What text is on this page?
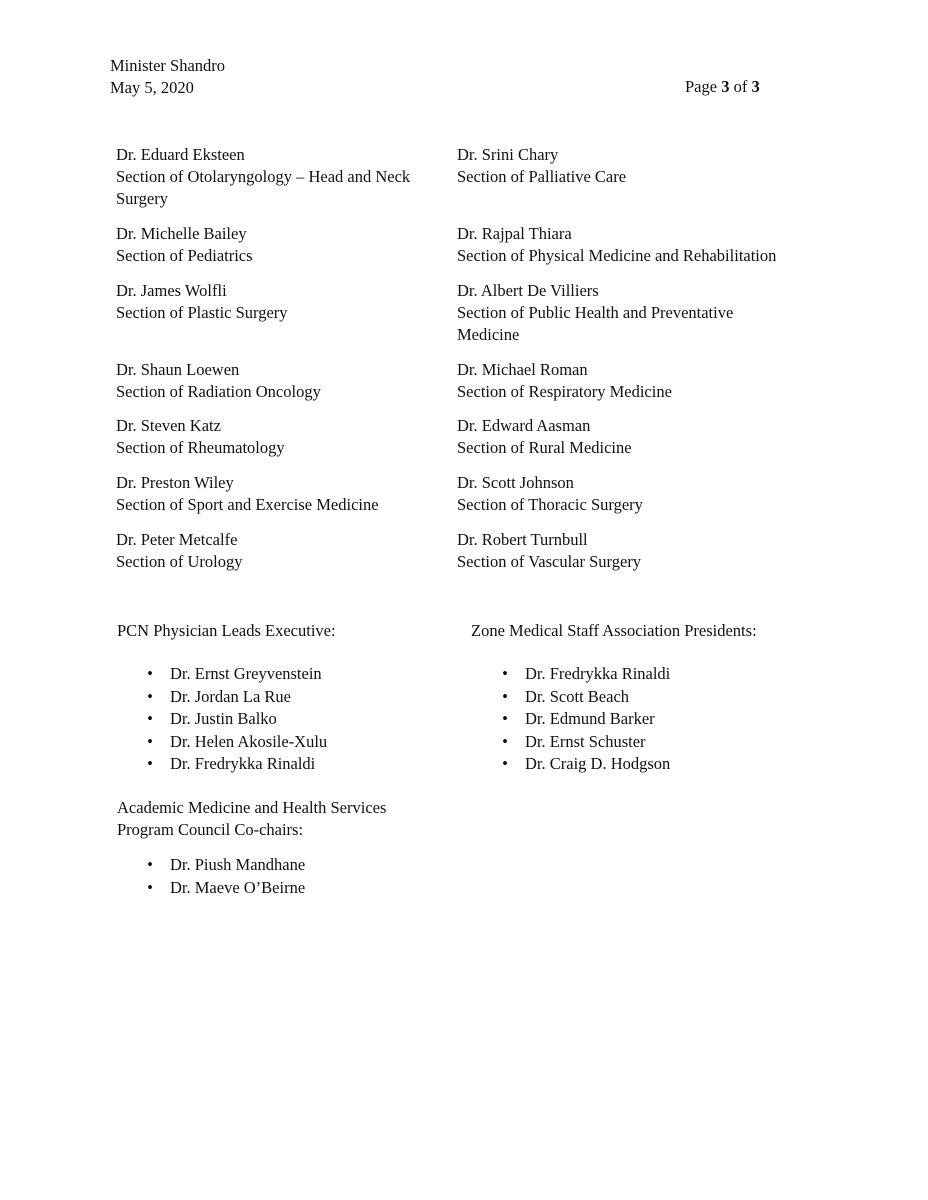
Minister Shandro
May 5, 2020	Page 3 of 3
Dr. Eduard Eksteen
Section of Otolaryngology – Head and Neck Surgery
Dr. Michelle Bailey
Section of Pediatrics
Dr. James Wolfli
Section of Plastic Surgery
Dr. Shaun Loewen
Section of Radiation Oncology
Dr. Steven Katz
Section of Rheumatology
Dr. Preston Wiley
Section of Sport and Exercise Medicine
Dr. Peter Metcalfe
Section of Urology
Dr. Srini Chary
Section of Palliative Care
Dr. Rajpal Thiara
Section of Physical Medicine and Rehabilitation
Dr. Albert De Villiers
Section of Public Health and Preventative Medicine
Dr. Michael Roman
Section of Respiratory Medicine
Dr. Edward Aasman
Section of Rural Medicine
Dr. Scott Johnson
Section of Thoracic Surgery
Dr. Robert Turnbull
Section of Vascular Surgery
PCN Physician Leads Executive:
• Dr. Ernst Greyvenstein
• Dr. Jordan La Rue
• Dr. Justin Balko
• Dr. Helen Akosile-Xulu
• Dr. Fredrykka Rinaldi
Zone Medical Staff Association Presidents:
• Dr. Fredrykka Rinaldi
• Dr. Scott Beach
• Dr. Edmund Barker
• Dr. Ernst Schuster
• Dr. Craig D. Hodgson
Academic Medicine and Health Services
Program Council Co-chairs:
• Dr. Piush Mandhane
• Dr. Maeve O’Beirne
